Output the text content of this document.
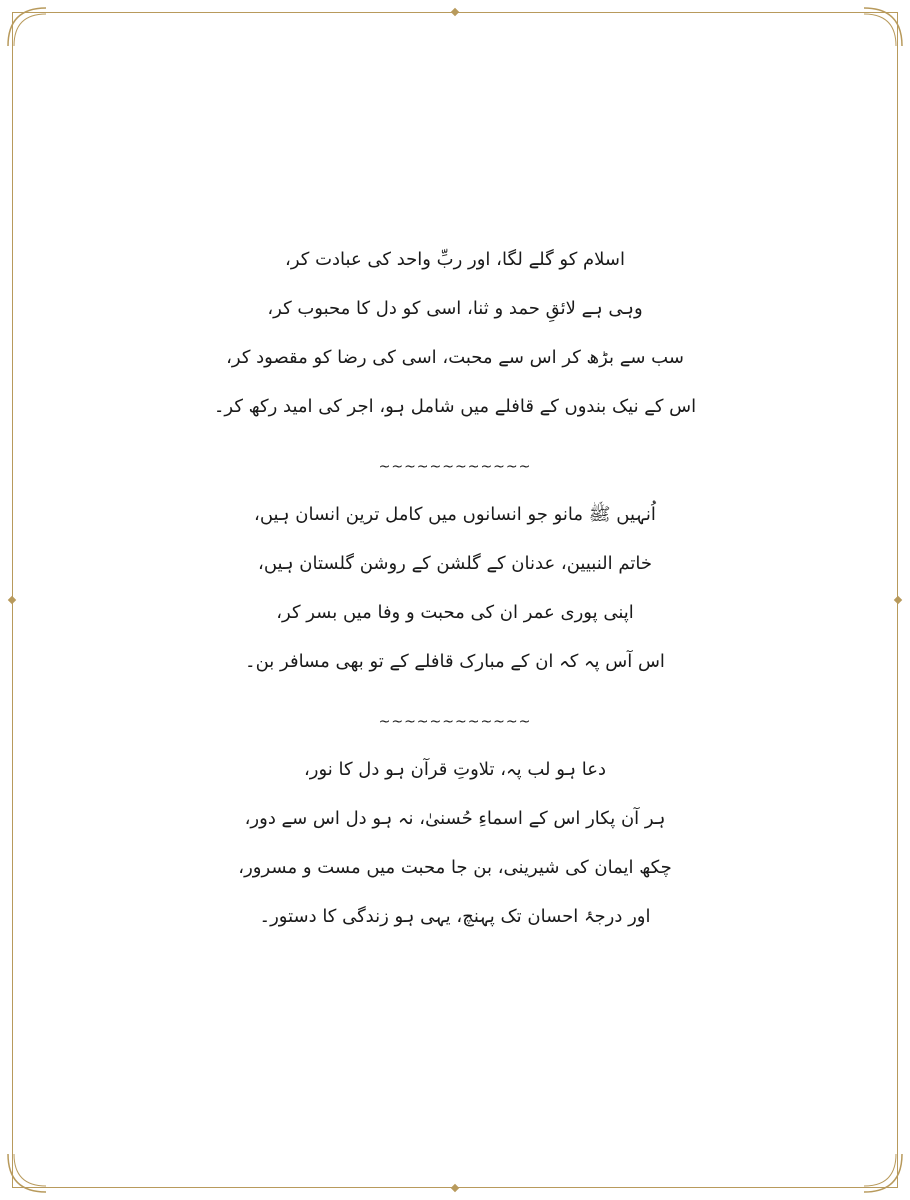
اسلام کو گلے لگا، اور ربِّ واحد کی عبادت کر،
وہی ہے لائقِ حمد و ثنا، اسی کو دل کا محبوب کر،
سب سے بڑھ کر اس سے محبت، اسی کی رضا کو مقصود کر،
اس کے نیک بندوں کے قافلے میں شامل ہو، اجر کی امید رکھ کر۔
~~~~~~~~~~~~
اُنہیں ﷺ مانو جو انسانوں میں کامل ترین انسان ہیں،
خاتم النبیین، عدنان کے گلشن کے روشن گلستان ہیں،
اپنی پوری عمر ان کی محبت و وفا میں بسر کر،
اس آس پہ کہ ان کے مبارک قافلے کے تو بھی مسافر بن۔
~~~~~~~~~~~~
دعا ہو لب پہ، تلاوتِ قرآن ہو دل کا نور،
ہر آن پکار اس کے اسماءِ حُسنیٰ، نہ ہو دل اس سے دور،
چکھ ایمان کی شیرینی، بن جا محبت میں مست و مسرور،
اور درجۂ احسان تک پہنچ، یہی ہو زندگی کا دستور۔
